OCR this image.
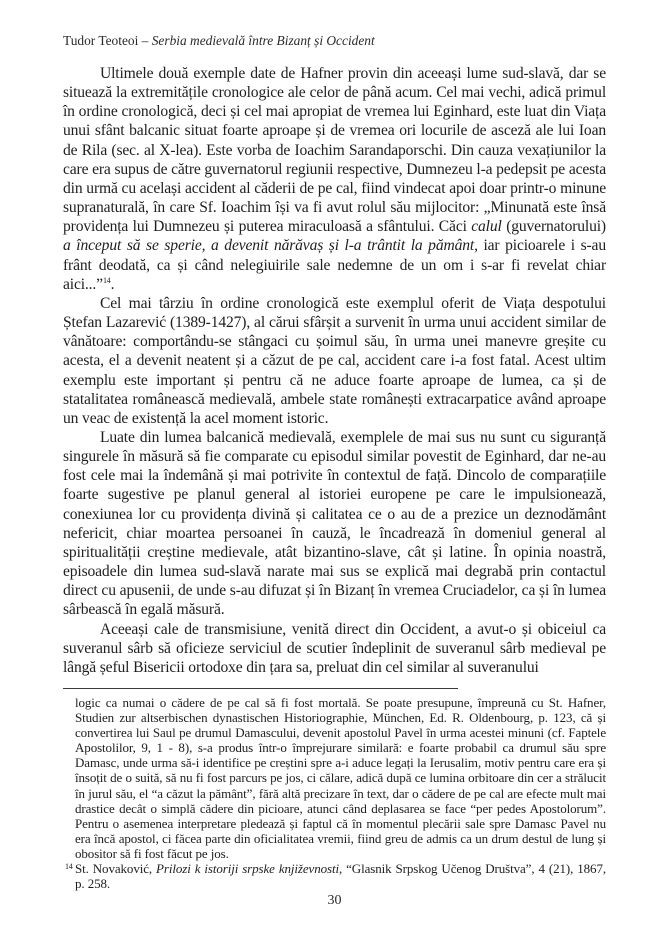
Tudor Teoteoi – Serbia medievală între Bizanț și Occident

Ultimele două exemple date de Hafner provin din aceeași lume sud-slavă, dar se situează la extremitățile cronologice ale celor de până acum. Cel mai vechi, adică primul în ordine cronologică, deci și cel mai apropiat de vremea lui Eginhard, este luat din Viața unui sfânt balcanic situat foarte aproape și de vremea ori locurile de asceză ale lui Ioan de Rila (sec. al X-lea). Este vorba de Ioachim Sarandaporschi. Din cauza vexațiunilor la care era supus de către guvernatorul regiunii respective, Dumnezeu l-a pedepsit pe acesta din urmă cu același accident al căderii de pe cal, fiind vindecat apoi doar printr-o minune supranaturală, în care Sf. Ioachim își va fi avut rolul său mijlocitor: „Minunată este însă providența lui Dumnezeu și puterea miraculoasă a sfântului. Căci calul (guvernatorului) a început să se sperie, a devenit nărăvaș și l-a trântit la pământ, iar picioarele i s-au frânt deodată, ca și când nelegiuirile sale nedemne de un om i s-ar fi revelat chiar aici...”$^{14}$.

Cel mai târziu în ordine cronologică este exemplul oferit de Viața despotului Ștefan Lazarević (1389-1427), al cărui sfârșit a survenit în urma unui accident similar de vânătoare: comportându-se stângaci cu șoimul său, în urma unei manevre greșite cu acesta, el a devenit neatent și a căzut de pe cal, accident care i-a fost fatal. Acest ultim exemplu este important și pentru că ne aduce foarte aproape de lumea, ca și de statalitatea românească medievală, ambele state românești extracarpatice având aproape un veac de existență la acel moment istoric.

Luate din lumea balcanică medievală, exemplele de mai sus nu sunt cu siguranță singurele în măsură să fie comparate cu episodul similar povestit de Eginhard, dar ne-au fost cele mai la îndemână și mai potrivite în contextul de față. Dincolo de comparațiile foarte sugestive pe planul general al istoriei europene pe care le impulsionează, conexiunea lor cu providența divină și calitatea ce o au de a prezice un deznodământ nefericit, chiar moartea persoanei în cauză, le încadrează în domeniul general al spiritualității creștine medievale, atât bizantino-slave, cât și latine. În opinia noastră, episoadele din lumea sud-slavă narate mai sus se explică mai degrabă prin contactul direct cu apusenii, de unde s-au difuzat și în Bizanț în vremea Cruciadelor, ca și în lumea sârbească în egală măsură.

Aceeași cale de transmisiune, venită direct din Occident, a avut-o și obiceiul ca suveranul sârb să oficieze serviciul de scutier îndeplinit de suveranul sârb medieval pe lângă șeful Bisericii ortodoxe din țara sa, preluat din cel similar al suveranului

logic ca numai o cădere de pe cal să fi fost mortală. Se poate presupune, împreună cu St. Hafner, Studien zur altserbischen dynastischen Historiographie, München, Ed. R. Oldenbourg, p. 123, că și convertirea lui Saul pe drumul Damascului, devenit apostolul Pavel în urma acestei minuni (cf. Faptele Apostolilor, 9, 1 - 8), s-a produs într-o împrejurare similară: e foarte probabil ca drumul său spre Damasc, unde urma să-i identifice pe creștini spre a-i aduce legați la Ierusalim, motiv pentru care era și însoțit de o suită, să nu fi fost parcurs pe jos, ci călare, adică după ce lumina orbitoare din cer a strălucit în jurul său, el “a căzut la pământ”, fără altă precizare în text, dar o cădere de pe cal are efecte mult mai drastice decât o simplă cădere din picioare, atunci când deplasarea se face “per pedes Apostolorum”. Pentru o asemenea interpretare pledează și faptul că în momentul plecării sale spre Damasc Pavel nu era încă apostol, ci făcea parte din oficialitatea vremii, fiind greu de admis ca un drum destul de lung și obositor să fi fost făcut pe jos.

14 St. Novaković, Prilozi k istoriji srpske književnosti, “Glasnik Srpskog Učenog Društva”, 4 (21), 1867, p. 258.

30
